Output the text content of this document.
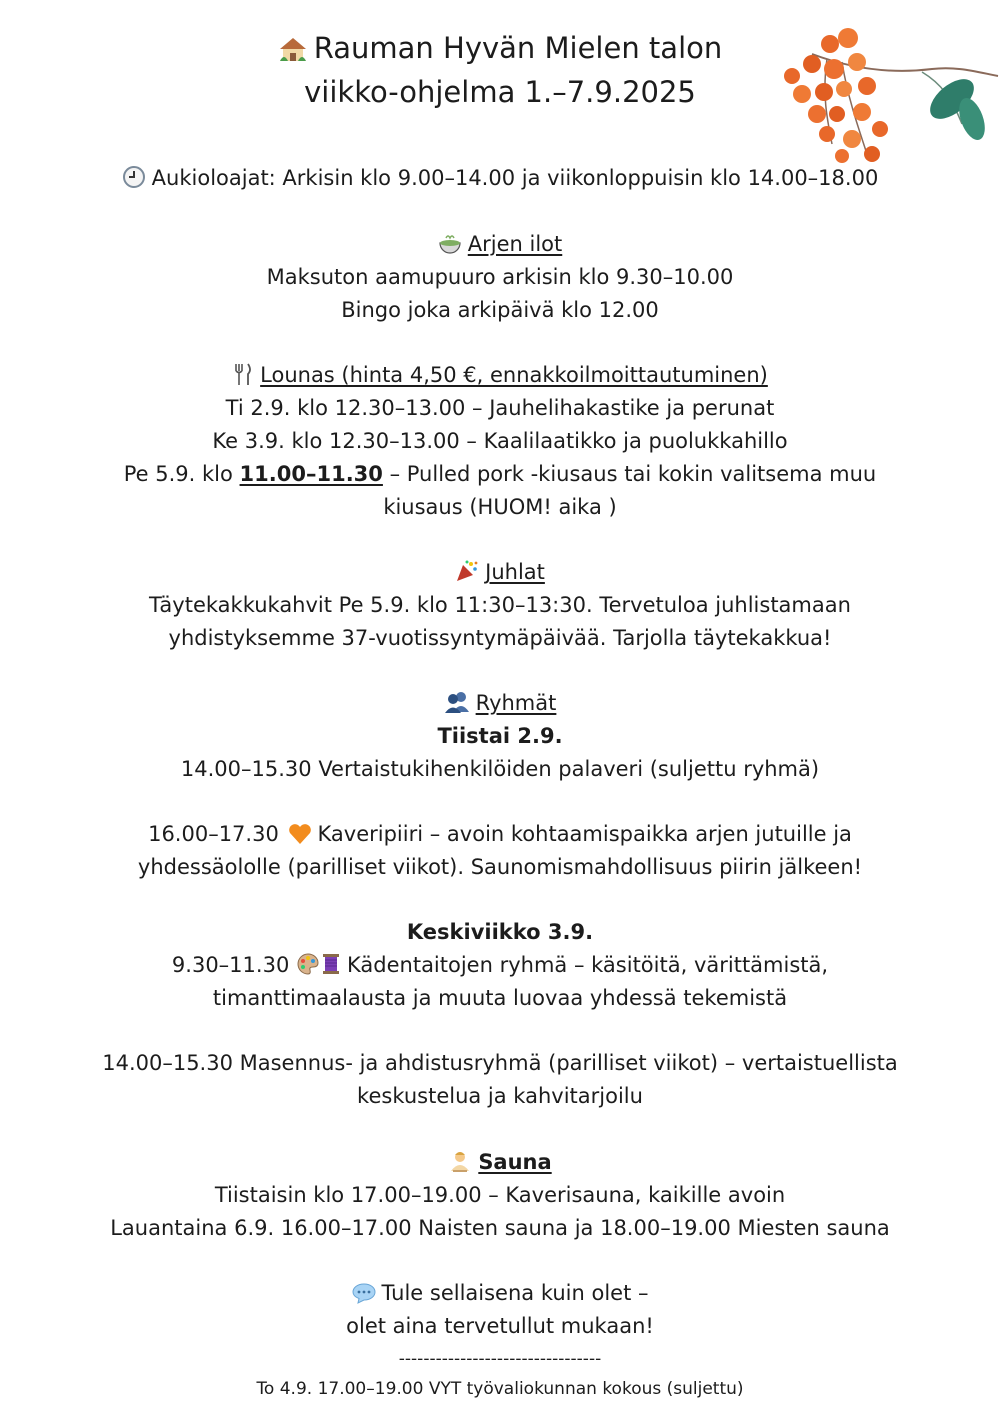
Rauman Hyvän Mielen talon
viikko-ohjelma 1.–7.9.2025
Aukioloajat: Arkisin klo 9.00–14.00 ja viikonloppuisin klo 14.00–18.00
Arjen ilot
Maksuton aamupuuro arkisin klo 9.30–10.00
Bingo joka arkipäivä klo 12.00
Lounas (hinta 4,50 €, ennakkoilmoittautuminen)
Ti 2.9. klo 12.30–13.00 – Jauhelihakastike ja perunat
Ke 3.9. klo 12.30–13.00 – Kaalilaatikko ja puolukkahillo
Pe 5.9. klo 11.00–11.30 – Pulled pork -kiusaus tai kokin valitsema muu
kiusaus (HUOM! aika )
Juhlat
Täytekakkukahvit Pe 5.9. klo 11:30–13:30. Tervetuloa juhlistamaan
yhdistyksemme 37-vuotissyntymäpäivää. Tarjolla täytekakkua!
Ryhmät
Tiistai 2.9.
14.00–15.30 Vertaistukihenkilöiden palaveri (suljettu ryhmä)
16.00–17.30 Kaveripiiri – avoin kohtaamispaikka arjen jutuille ja
yhdessäololle (parilliset viikot). Saunomismahdollisuus piirin jälkeen!
Keskiviikko 3.9.
9.30–11.30	Kädentaitojen ryhmä – käsitöitä, värittämistä,
timanttimaalausta ja muuta luovaa yhdessä tekemistä
14.00–15.30 Masennus- ja ahdistusryhmä (parilliset viikot) – vertaistuellista
keskustelua ja kahvitarjoilu
Sauna
Tiistaisin klo 17.00–19.00 – Kaverisauna, kaikille avoin
Lauantaina 6.9. 16.00–17.00 Naisten sauna ja 18.00–19.00 Miesten sauna
Tule sellaisena kuin olet –
olet aina tervetullut mukaan!
---------------------------------
To 4.9. 17.00–19.00 VYT työvaliokunnan kokous (suljettu)
